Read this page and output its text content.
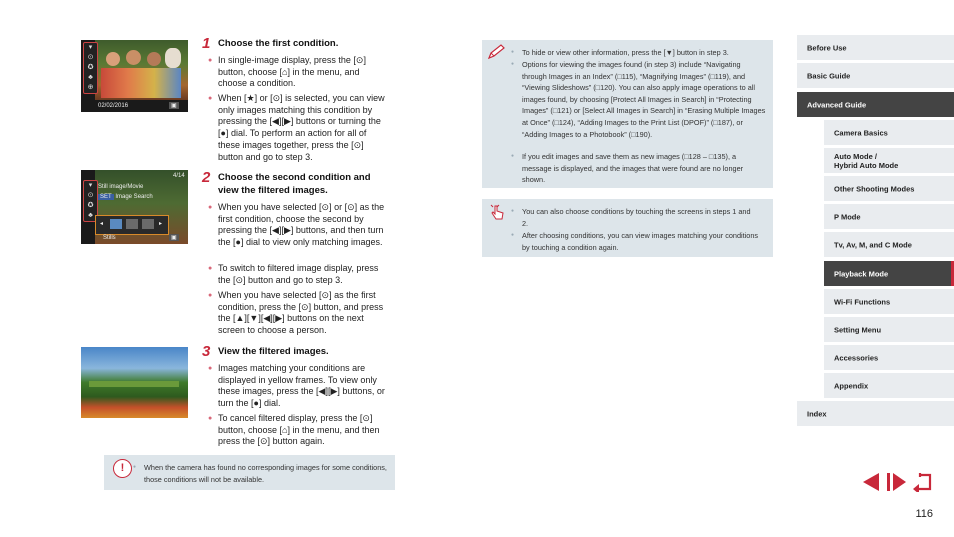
▾
⊙
✪
♣
⊕
02/02/2016	▣
4/14
▾
⊙
✪
♣
Still image/Movie
SET Image Search
◂	▸
Stills	▣
1 Choose the first condition.
● In single-image display, press the [⊙] button, choose [⌂] in the menu, and choose a condition.
● When [★] or [⊙] is selected, you can view only images matching this condition by pressing the [◀][▶] buttons or turning the [●] dial. To perform an action for all of these images together, press the [⊙] button and go to step 3.
2 Choose the second condition and
view the filtered images.
● When you have selected [⊙] or [⊙] as the first condition, choose the second by pressing the [◀][▶] buttons, and then turn the [●] dial to view only matching images.
● To switch to filtered image display, press the [⊙] button and go to step 3.
● When you have selected [⊙] as the first condition, press the [⊙] button, and press the [▲][▼][◀][▶] buttons on the next screen to choose a person.
3 View the filtered images.
● Images matching your conditions are displayed in yellow frames. To view only these images, press the [◀][▶] buttons, or turn the [●] dial.
● To cancel filtered display, press the [⊙] button, choose [⌂] in the menu, and then press the [⊙] button again.
!
●	When the camera has found no corresponding images for some conditions, those conditions will not be available.
● To hide or view other information, press the [▼] button in step 3.
● Options for viewing the images found (in step 3) include “Navigating through Images in an Index” (□115), “Magnifying Images” (□119), and “Viewing Slideshows” (□120). You can also apply image operations to all images found, by choosing [Protect All Images in Search] in “Protecting Images” (□121) or [Select All Images in Search] in “Erasing Multiple Images at Once” (□124), “Adding Images to the Print List (DPOF)” (□187), or “Adding Images to a Photobook” (□190).
● If you edit images and save them as new images (□128 – □135), a message is displayed, and the images that were found are no longer shown.
● You can also choose conditions by touching the screens in steps 1 and 2.
● After choosing conditions, you can view images matching your conditions by touching a condition again.
Before Use
Basic Guide
Advanced Guide
Camera Basics
Auto Mode /
Hybrid Auto Mode
Other Shooting Modes
P Mode
Tv, Av, M, and C Mode
Playback Mode
Wi-Fi Functions
Setting Menu
Accessories
Appendix
Index
116
